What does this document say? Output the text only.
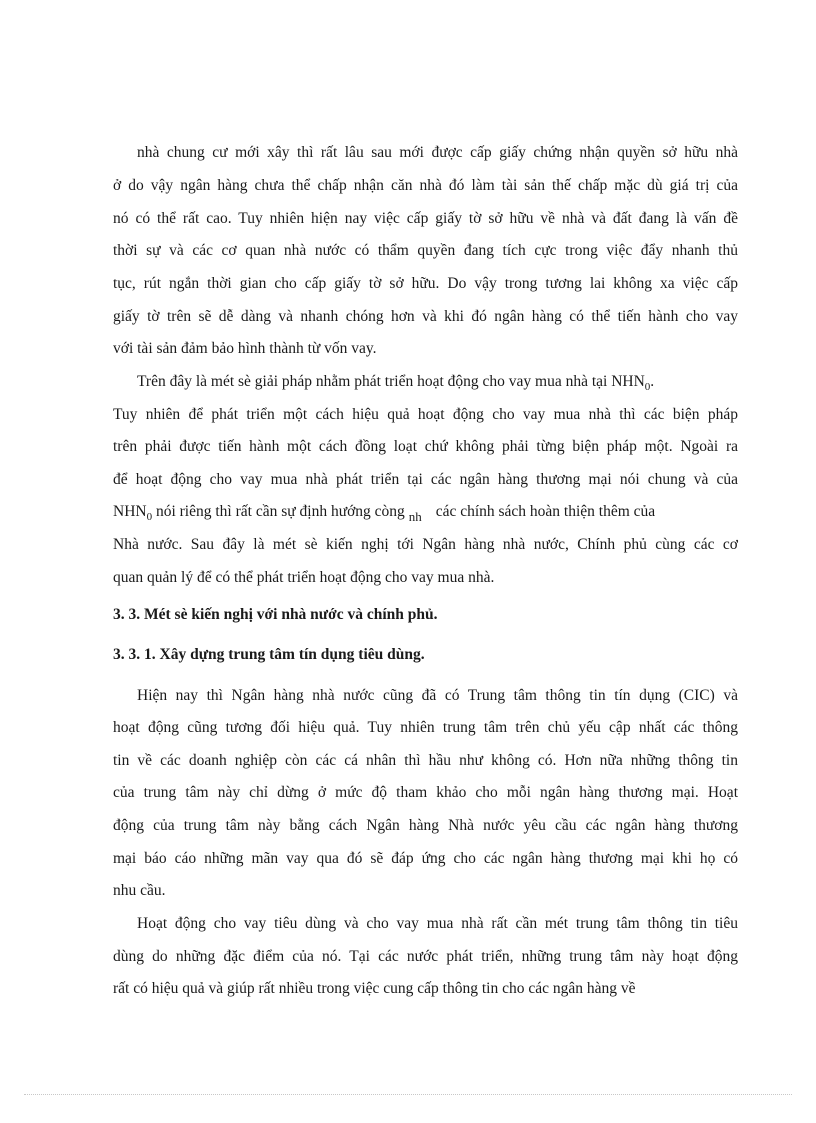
nhà chung cư mới xây thì rất lâu sau mới được cấp giấy chứng nhận quyền sở hữu nhà
ở do vậy ngân hàng chưa thể chấp nhận căn nhà đó làm tài sản thế chấp mặc dù giá trị của
nó có thể rất cao. Tuy nhiên hiện nay việc cấp giấy tờ sở hữu về nhà và đất đang là vấn đề
thời sự và các cơ quan nhà nước có thẩm quyền đang tích cực trong việc đẩy nhanh thủ
tục, rút ngắn thời gian cho cấp giấy tờ sở hữu. Do vậy trong tương lai không xa việc cấp
giấy tờ trên sẽ dễ dàng và nhanh chóng hơn và khi đó ngân hàng có thể tiến hành cho vay
với tài sản đảm bảo hình thành từ vốn vay.
Trên đây là mét sè giải pháp nhằm phát triển hoạt động cho vay mua nhà tại $NHN_0$.
Tuy nhiên để phát triển một cách hiệu quả hoạt động cho vay mua nhà thì các biện pháp
trên phải được tiến hành một cách đồng loạt chứ không phải từng biện pháp một. Ngoài ra
để hoạt động cho vay mua nhà phát triển tại các ngân hàng thương mại nói chung và của
$NHN_0$ nói riêng thì rất cần sự định hướng còng $_{nh}$ các chính sách hoàn thiện thêm của
Nhà nước. Sau đây là mét sè kiến nghị tới Ngân hàng nhà nước, Chính phủ cùng các cơ
quan quản lý để có thể phát triển hoạt động cho vay mua nhà.
3. 3. Mét sè kiến nghị với nhà nước và chính phủ.
3. 3. 1. Xây dựng trung tâm tín dụng tiêu dùng.
Hiện nay thì Ngân hàng nhà nước cũng đã có Trung tâm thông tin tín dụng (CIC) và
hoạt động cũng tương đối hiệu quả. Tuy nhiên trung tâm trên chủ yếu cập nhất các thông
tin về các doanh nghiệp còn các cá nhân thì hầu như không có. Hơn nữa những thông tin
của trung tâm này chỉ dừng ở mức độ tham khảo cho mỗi ngân hàng thương mại. Hoạt
động của trung tâm này bằng cách Ngân hàng Nhà nước yêu cầu các ngân hàng thương
mại báo cáo những mãn vay qua đó sẽ đáp ứng cho các ngân hàng thương mại khi họ có
nhu cầu.
Hoạt động cho vay tiêu dùng và cho vay mua nhà rất cần mét trung tâm thông tin tiêu
dùng do những đặc điểm của nó. Tại các nước phát triển, những trung tâm này hoạt động
rất có hiệu quả và giúp rất nhiều trong việc cung cấp thông tin cho các ngân hàng về
